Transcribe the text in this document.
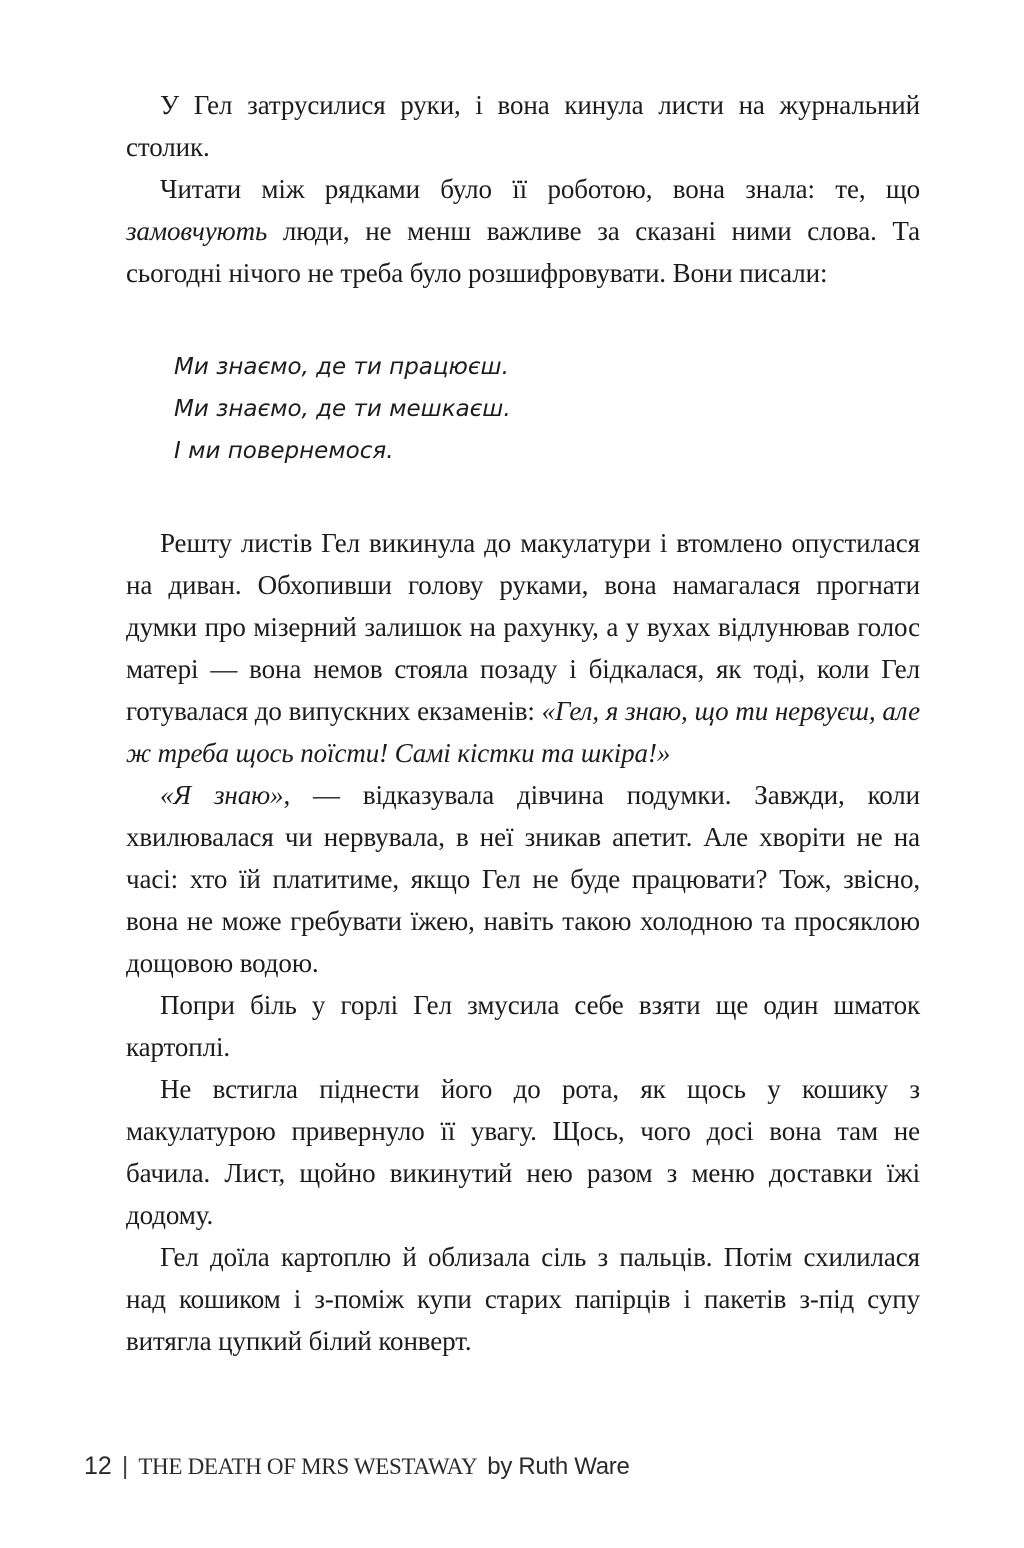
У Гел затрусилися руки, і вона кинула листи на журнальний столик.

Читати між рядками було її роботою, вона знала: те, що замовчують люди, не менш важливе за сказані ними слова. Та сьогодні нічого не треба було розшифровувати. Вони писали:

Ми знаємо, де ти працюєш.
Ми знаємо, де ти мешкаєш.
І ми повернемося.

Решту листів Гел викинула до макулатури і втомлено опустилася на диван. Обхопивши голову руками, вона намагалася прогнати думки про мізерний залишок на рахунку, а у вухах відлунював голос матері — вона немов стояла позаду і бідкалася, як тоді, коли Гел готувалася до випускних екзаменів: «Гел, я знаю, що ти нервуєш, але ж треба щось поїсти! Самі кістки та шкіра!»

«Я знаю», — відказувала дівчина подумки. Завжди, коли хвилювалася чи нервувала, в неї зникав апетит. Але хворіти не на часі: хто їй платитиме, якщо Гел не буде працювати? Тож, звісно, вона не може гребувати їжею, навіть такою холодною та просяклою дощовою водою.

Попри біль у горлі Гел змусила себе взяти ще один шматок картоплі.

Не встигла піднести його до рота, як щось у кошику з макулатурою привернуло її увагу. Щось, чого досі вона там не бачила. Лист, щойно викинутий нею разом з меню доставки їжі додому.

Гел доїла картоплю й облизала сіль з пальців. Потім схилилася над кошиком і з-поміж купи старих папірців і пакетів з-під супу витягла цупкий білий конверт.

12 | THE DEATH OF MRS WESTAWAY by Ruth Ware
